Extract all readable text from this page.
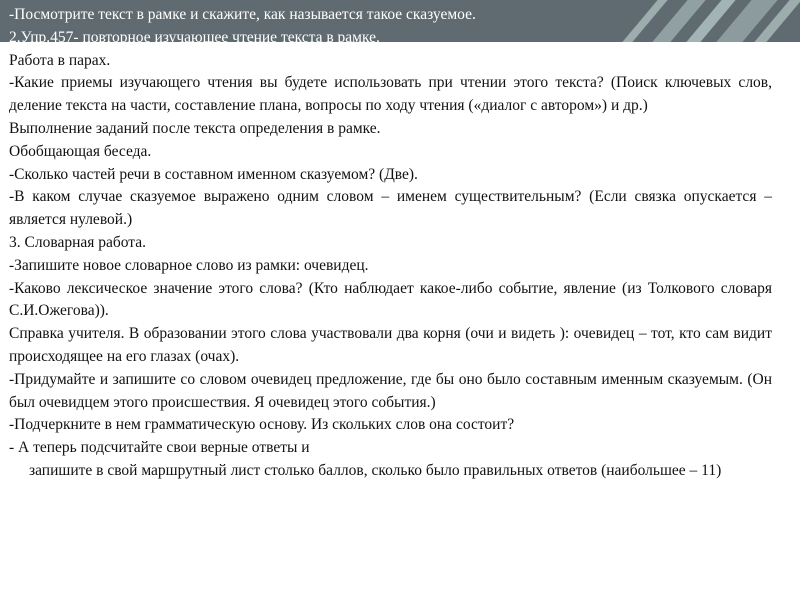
-Посмотрите текст в рамке и скажите, как называется такое сказуемое.
2.Упр.457- повторное изучающее чтение текста в рамке.
Работа в парах.
-Какие приемы изучающего чтения вы будете использовать при чтении этого текста? (Поиск ключевых слов, деление текста на части, составление плана, вопросы по ходу чтения («диалог с автором») и др.)
Выполнение заданий после текста определения в рамке.
Обобщающая беседа.
-Сколько частей речи в составном именном сказуемом? (Две).
-В каком случае сказуемое выражено одним словом – именем существительным? (Если связка опускается – является нулевой.)
3. Словарная работа.
-Запишите новое словарное слово из рамки: очевидец.
-Каково лексическое значение этого слова? (Кто наблюдает какое-либо событие, явление (из Толкового словаря С.И.Ожегова)).
Справка учителя. В образовании этого слова участвовали два корня (очи и видеть ): очевидец – тот, кто сам видит происходящее на его глазах (очах).
-Придумайте и запишите со словом очевидец предложение, где бы оно было составным именным сказуемым. (Он был очевидцем этого происшествия. Я очевидец этого события.)
-Подчеркните в нем грамматическую основу. Из скольких слов она состоит?
- А теперь подсчитайте свои верные ответы и
запишите в свой маршрутный лист столько баллов, сколько было правильных ответов (наибольшее – 11)
